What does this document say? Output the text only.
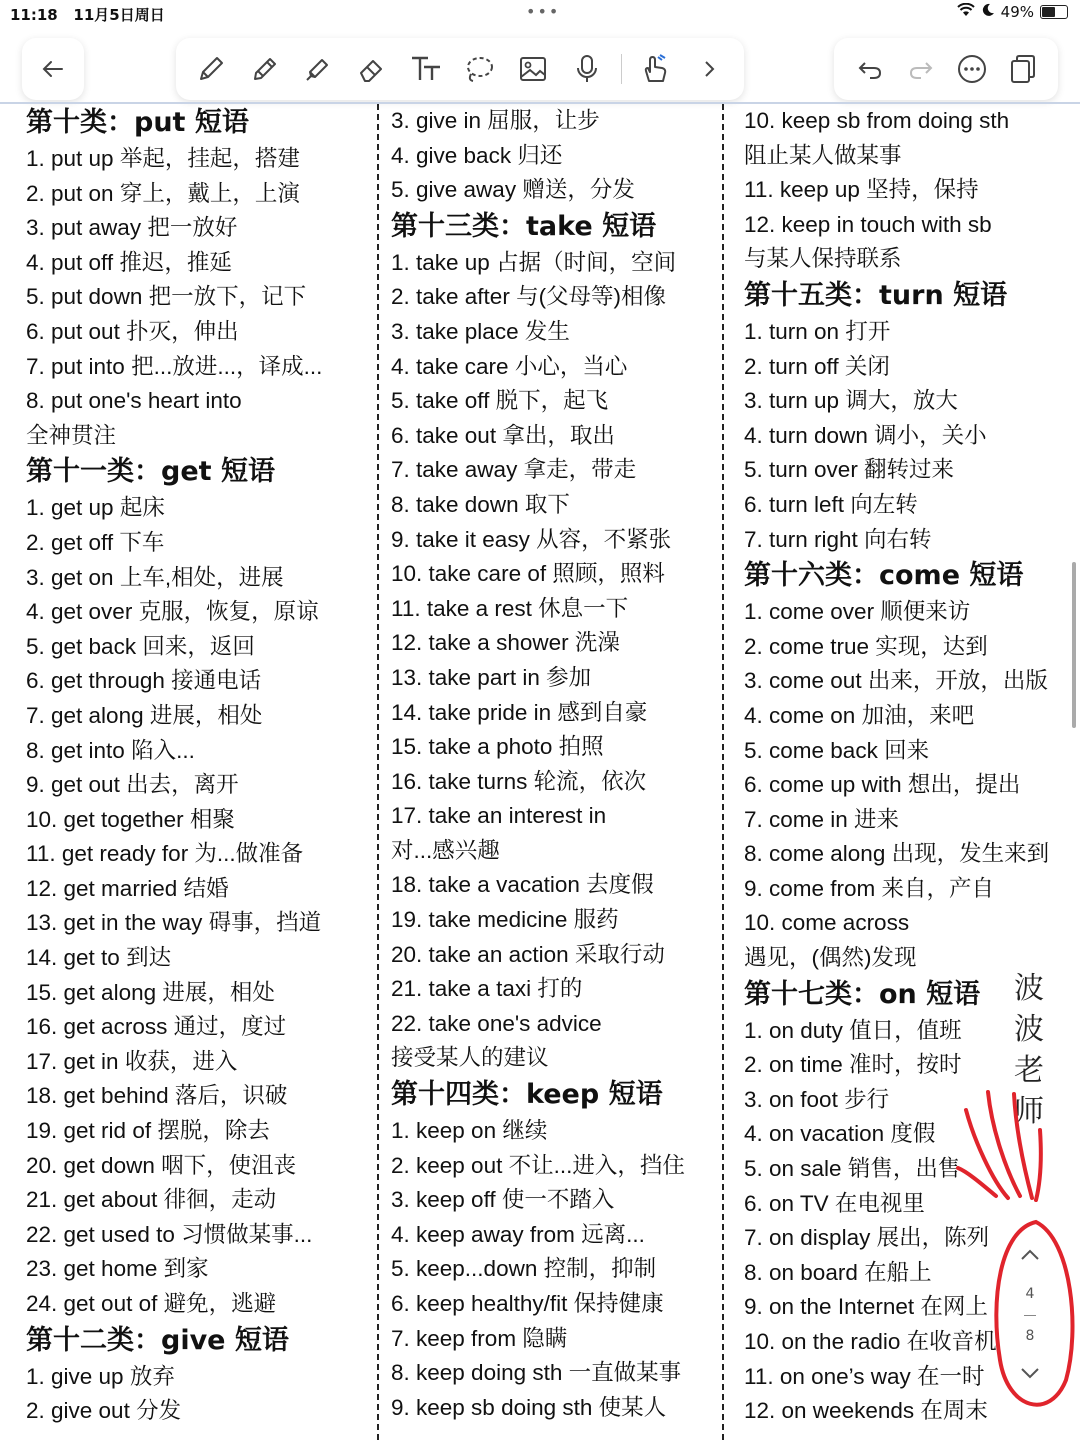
11:18 11月5日周日	•••	49%
第十类：put 短语
1. put up 举起，挂起，搭建
2. put on 穿上，戴上，上演
3. put away 把一放好
4. put off 推迟，推延
5. put down 把一放下，记下
6. put out 扑灭，伸出
7. put into 把...放进...，译成...
8. put one's heart into
全神贯注
第十一类：get 短语
1. get up 起床
2. get off 下车
3. get on 上车,相处，进展
4. get over 克服，恢复，原谅
5. get back 回来，返回
6. get through 接通电话
7. get along 进展，相处
8. get into 陷入...
9. get out 出去，离开
10. get together 相聚
11. get ready for 为...做准备
12. get married 结婚
13. get in the way 碍事，挡道
14. get to 到达
15. get along 进展，相处
16. get across 通过，度过
17. get in 收获，进入
18. get behind 落后，识破
19. get rid of 摆脱，除去
20. get down 咽下，使沮丧
21. get about 徘徊，走动
22. get used to 习惯做某事...
23. get home 到家
24. get out of 避免，逃避
第十二类：give 短语
1. give up 放弃
2. give out 分发
3. give in 屈服，让步
4. give back 归还
5. give away 赠送，分发
第十三类：take 短语
1. take up 占据（时间，空间
2. take after 与(父母等)相像
3. take place 发生
4. take care 小心，当心
5. take off 脱下，起飞
6. take out 拿出，取出
7. take away 拿走，带走
8. take down 取下
9. take it easy 从容，不紧张
10. take care of 照顾，照料
11. take a rest 休息一下
12. take a shower 洗澡
13. take part in 参加
14. take pride in 感到自豪
15. take a photo 拍照
16. take turns 轮流，依次
17. take an interest in
对...感兴趣
18. take a vacation 去度假
19. take medicine 服药
20. take an action 采取行动
21. take a taxi 打的
22. take one's advice
接受某人的建议
第十四类：keep 短语
1. keep on 继续
2. keep out 不让...进入，挡住
3. keep off 使一不踏入
4. keep away from 远离...
5. keep...down 控制，抑制
6. keep healthy/fit 保持健康
7. keep from 隐瞒
8. keep doing sth 一直做某事
9. keep sb doing sth 使某人
10. keep sb from doing sth
阻止某人做某事
11. keep up 坚持，保持
12. keep in touch with sb
与某人保持联系
第十五类：turn 短语
1. turn on 打开
2. turn off 关闭
3. turn up 调大，放大
4. turn down 调小，关小
5. turn over 翻转过来
6. turn left 向左转
7. turn right 向右转
第十六类：come 短语
1. come over 顺便来访
2. come true 实现，达到
3. come out 出来，开放，出版
4. come on 加油，来吧
5. come back 回来
6. come up with 想出，提出
7. come in 进来
8. come along 出现，发生来到
9. come from 来自，产自
10. come across
遇见，(偶然)发现
第十七类：on 短语
1. on duty 值日，值班
2. on time 准时，按时
3. on foot 步行
4. on vacation 度假
5. on sale 销售，出售
6. on TV 在电视里
7. on display 展出，陈列
8. on board 在船上
9. on the Internet 在网上
10. on the radio 在收音机
11. on one’s way 在一时
12. on weekends 在周末
波
波
老
师
4
8
